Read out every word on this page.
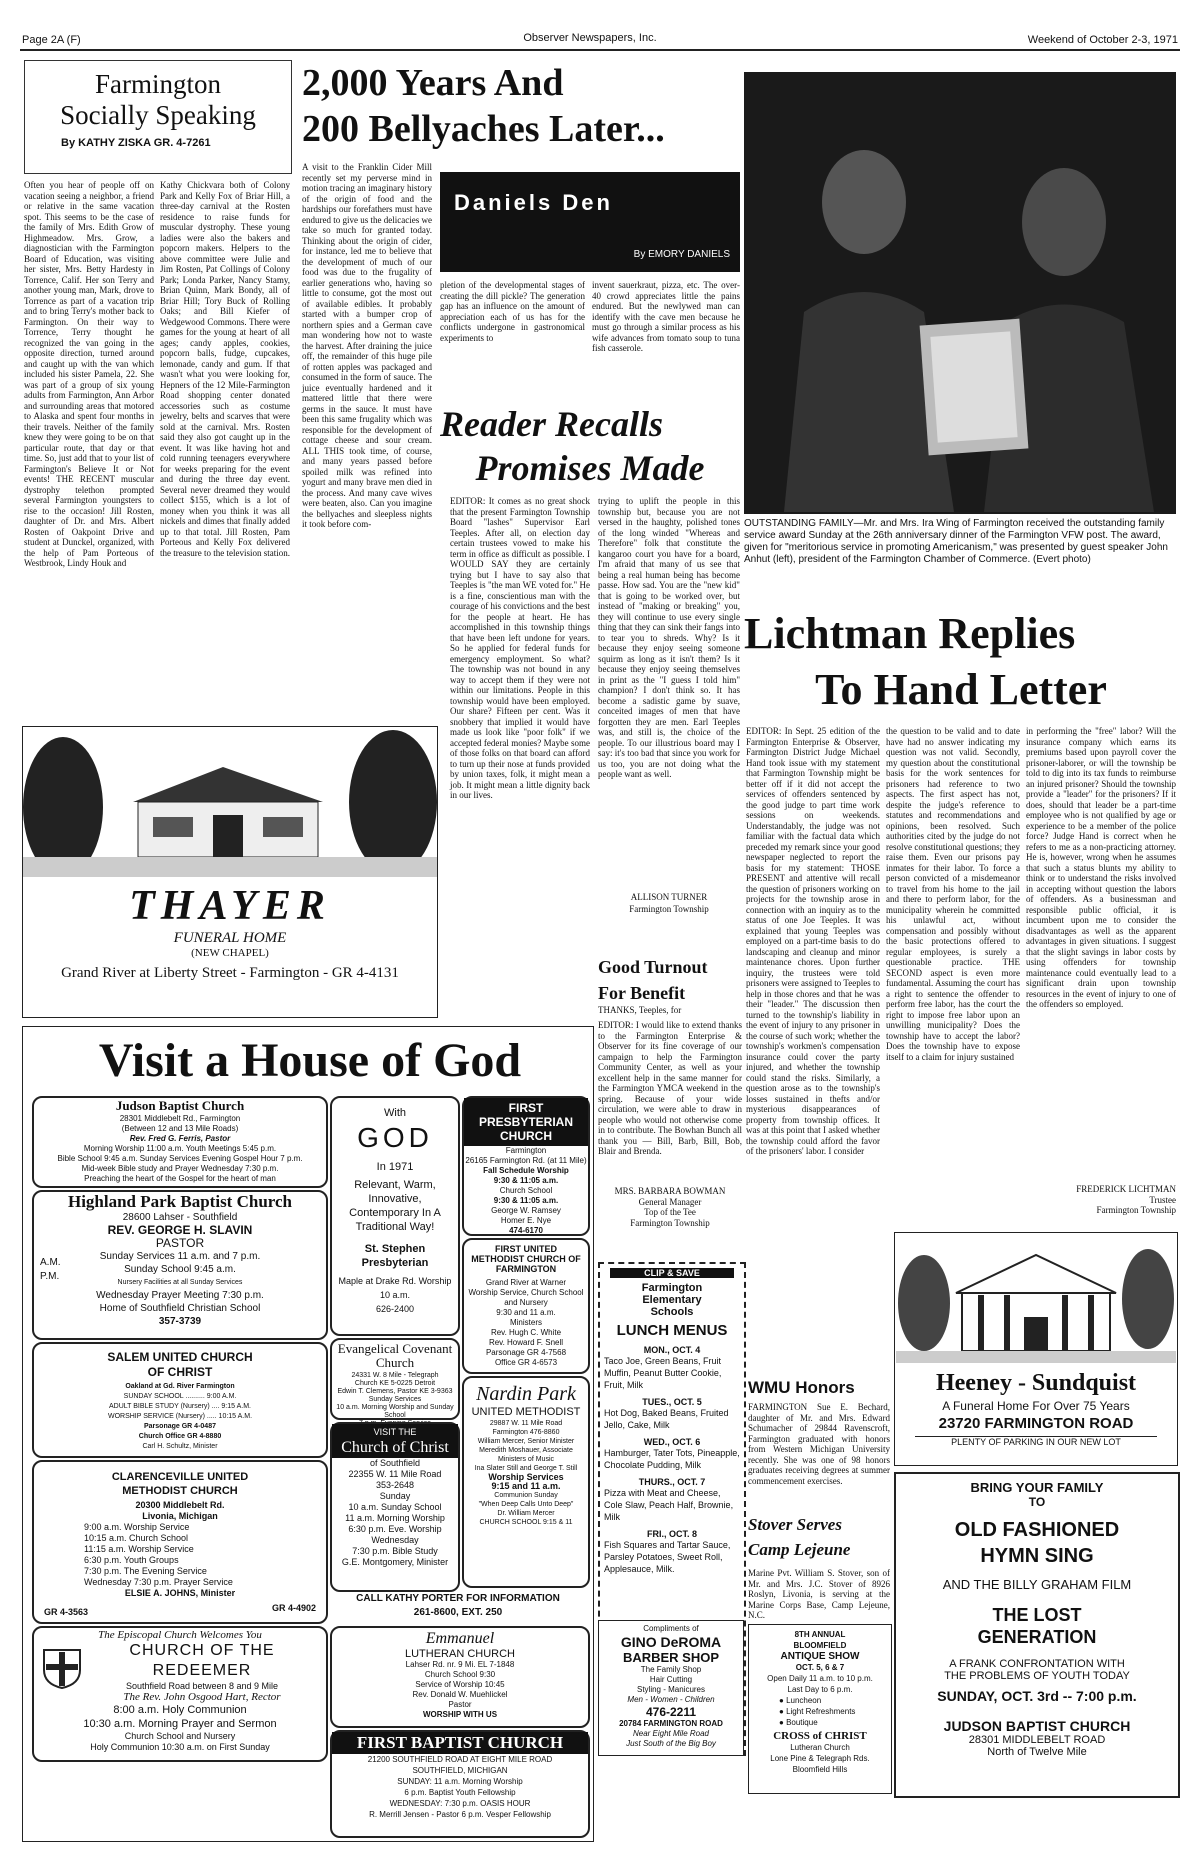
Page 2A (F)	Observer Newspapers, Inc.	Weekend of October 2-3, 1971
Farmington
Socially Speaking
By KATHY ZISKA GR. 4-7261
Often you hear of people off on vacation seeing a neighbor, a friend or relative in the same vacation spot. This seems to be the case of the family of Mrs. Edith Grow of Highmeadow. Mrs. Grow, a diagnostician with the Farmington Board of Education, was visiting her sister, Mrs. Betty Hardesty in Torrence, Calif. Her son Terry and another young man, Mark, drove to Torrence as part of a vacation trip and to bring Terry's mother back to Farmington. On their way to Torrence, Terry thought he recognized the van going in the opposite direction, turned around and caught up with the van which included his sister Pamela, 22. She was part of a group of six young adults from Farmington, Ann Arbor and surrounding areas that motored to Alaska and spent four months in their travels. Neither of the family knew they were going to be on that particular route, that day or that time. So, just add that to your list of Farmington's Believe It or Not events! THE RECENT muscular dystrophy telethon prompted several Farmington youngsters to rise to the occasion! Jill Rosten, daughter of Dr. and Mrs. Albert Rosten of Oakpoint Drive and student at Dunckel, organized, with the help of Pam Porteous of Westbrook, Lindy Houk and
Kathy Chickvara both of Colony Park and Kelly Fox of Briar Hill, a three-day carnival at the Rosten residence to raise funds for muscular dystrophy. These young ladies were also the bakers and popcorn makers. Helpers to the above committee were Julie and Jim Rosten, Pat Collings of Colony Park; Londa Parker, Nancy Stamy, Brian Quinn, Mark Bondy, all of Briar Hill; Tory Buck of Rolling Oaks; and Bill Kiefer of Wedgewood Commons. There were games for the young at heart of all ages; candy apples, cookies, popcorn balls, fudge, cupcakes, lemonade, candy and gum. If that wasn't what you were looking for, Hepners of the 12 Mile-Farmington Road shopping center donated accessories such as costume jewelry, belts and scarves that were sold at the carnival. Mrs. Rosten said they also got caught up in the event. It was like having hot and cold running teenagers everywhere for weeks preparing for the event and during the three day event. Several never dreamed they would collect $155, which is a lot of money when you think it was all nickels and dimes that finally added up to that total. Jill Rosten, Pam Porteous and Kelly Fox delivered the treasure to the television station.
2,000 Years And
200 Bellyaches Later...
A visit to the Franklin Cider Mill recently set my perverse mind in motion tracing an imaginary history of the origin of food and the hardships our forefathers must have endured to give us the delicacies we take so much for granted today. Thinking about the origin of cider, for instance, led me to believe that the development of much of our food was due to the frugality of earlier generations who, having so little to consume, got the most out of available edibles. It probably started with a bumper crop of northern spies and a German cave man wondering how not to waste the harvest. After draining the juice off, the remainder of this huge pile of rotten apples was packaged and consumed in the form of sauce. The juice eventually hardened and it mattered little that there were germs in the sauce. It must have been this same frugality which was responsible for the development of cottage cheese and sour cream. ALL THIS took time, of course, and many years passed before spoiled milk was refined into yogurt and many brave men died in the process. And many cave wives were beaten, also. Can you imagine the bellyaches and sleepless nights it took before com-
Daniels Den
By EMORY DANIELS
pletion of the developmental stages of creating the dill pickle? The generation gap has an influence on the amount of appreciation each of us has for the conflicts undergone in gastronomical experiments to
invent sauerkraut, pizza, etc. The over-40 crowd appreciates little the pains endured. But the newlywed man can identify with the cave men because he must go through a similar process as his wife advances from tomato soup to tuna fish casserole.
OUTSTANDING FAMILY—Mr. and Mrs. Ira Wing of Farmington received the outstanding family service award Sunday at the 26th anniversary dinner of the Farmington VFW post. The award, given for "meritorious service in promoting Americanism," was presented by guest speaker John Anhut (left), president of the Farmington Chamber of Commerce. (Evert photo)
Reader Recalls
Promises Made
EDITOR: It comes as no great shock that the present Farmington Township Board "lashes" Supervisor Earl Teeples. After all, on election day certain trustees vowed to make his term in office as difficult as possible. I WOULD SAY they are certainly trying but I have to say also that Teeples is "the man WE voted for." He is a fine, conscientious man with the courage of his convictions and the best for the people at heart. He has accomplished in this township things that have been left undone for years. So he applied for federal funds for emergency employment. So what? The township was not bound in any way to accept them if they were not within our limitations. People in this township would have been employed. Our share? Fifteen per cent. Was it snobbery that implied it would have made us look like "poor folk" if we accepted federal monies? Maybe some of those folks on that board can afford to turn up their nose at funds provided by union taxes, folk, it might mean a job. It might mean a little dignity back in our lives.
trying to uplift the people in this township but, because you are not versed in the haughty, polished tones of the long winded "Whereas and Therefore" folk that constitute the kangaroo court you have for a board, I'm afraid that many of us see that being a real human being has become passe. How sad. You are the "new kid" that is going to be worked over, but instead of "making or breaking" you, they will continue to use every single thing that they can sink their fangs into to tear you to shreds. Why? Is it because they enjoy seeing someone squirm as long as it isn't them? Is it because they enjoy seeing themselves in print as the "I guess I told him" champion? I don't think so. It has become a sadistic game by suave, conceited images of men that have forgotten they are men. Earl Teeples was, and still is, the choice of the people. To our illustrious board may I say: it's too bad that since you work for us too, you are not doing what the people want as well.
ALLISON TURNER
Farmington Township
THANKS, Teeples, for
Good Turnout
For Benefit
EDITOR: I would like to extend thanks to the Farmington Enterprise & Observer for its fine coverage of our campaign to help the Farmington Community Center, as well as your excellent help in the same manner for the Farmington YMCA weekend in the spring. Because of your wide circulation, we were able to draw in people who would not otherwise come in to contribute. The Bowhan Bunch all thank you — Bill, Barb, Bill, Bob, Blair and Brenda.
MRS. BARBARA BOWMAN
General Manager
Top of the Tee
Farmington Township
Lichtman Replies
To Hand Letter
EDITOR: In Sept. 25 edition of the Farmington Enterprise & Observer, Farmington District Judge Michael Hand took issue with my statement that Farmington Township might be better off if it did not accept the services of offenders sentenced by the good judge to part time work sessions on weekends. Understandably, the judge was not familiar with the factual data which preceded my remark since your good newspaper neglected to report the basis for my statement: THOSE PRESENT and attentive will recall the question of prisoners working on projects for the township arose in connection with an inquiry as to the status of one Joe Teeples. It was explained that young Teeples was employed on a part-time basis to do landscaping and cleanup and minor maintenance chores. Upon further inquiry, the trustees were told prisoners were assigned to Teeples to help in those chores and that he was their "leader." The discussion then turned to the township's liability in the event of injury to any prisoner in the course of such work; whether the township's workmen's compensation insurance could cover the party injured, and whether the township could stand the risks. Similarly, a question arose as to the township's losses sustained in thefts and/or mysterious disappearances of property from township offices. It was at this point that I asked whether the township could afford the favor of the prisoners' labor. I consider
the question to be valid and to date have had no answer indicating my question was not valid. Secondly, my question about the constitutional basis for the work sentences for prisoners had reference to two aspects. The first aspect has not, despite the judge's reference to statutes and recommendations and opinions, been resolved. Such authorities cited by the judge do not resolve constitutional questions; they raise them. Even our prisons pay inmates for their labor. To force a person convicted of a misdemeanor to travel from his home to the jail and there to perform labor, for the municipality wherein he committed his unlawful act, without compensation and possibly without the basic protections offered to regular employees, is surely a questionable practice. THE SECOND aspect is even more fundamental. Assuming the court has a right to sentence the offender to perform free labor, has the court the right to impose free labor upon an unwilling municipality? Does the township have to accept the labor? Does the township have to expose itself to a claim for injury sustained
in performing the "free" labor? Will the insurance company which earns its premiums based upon payroll cover the prisoner-laborer, or will the township be told to dig into its tax funds to reimburse an injured prisoner? Should the township provide a "leader" for the prisoners? If it does, should that leader be a part-time employee who is not qualified by age or experience to be a member of the police force? Judge Hand is correct when he refers to me as a non-practicing attorney. He is, however, wrong when he assumes that such a status blunts my ability to think or to understand the risks involved in accepting without question the labors of offenders. As a businessman and responsible public official, it is incumbent upon me to consider the disadvantages as well as the apparent advantages in given situations. I suggest that the slight savings in labor costs by using offenders for township maintenance could eventually lead to a significant drain upon township resources in the event of injury to one of the offenders so employed.
FREDERICK LICHTMAN
Trustee
Farmington Township
THAYER
FUNERAL HOME
(NEW CHAPEL)
Grand River at Liberty Street - Farmington - GR 4-4131
Visit a House of God
Judson Baptist Church
28301 Middlebelt Rd., Farmington
(Between 12 and 13 Mile Roads)
Rev. Fred G. Ferris, Pastor
Morning Worship 11:00 a.m. Youth Meetings 5:45 p.m.
Bible School 9:45 a.m. Sunday Services Evening Gospel Hour 7 p.m.
Mid-week Bible study and Prayer Wednesday 7:30 p.m.
Preaching the heart of the Gospel for the heart of man
With
GOD
In 1971
Relevant, Warm, Innovative, Contemporary In A Traditional Way!
St. Stephen Presbyterian
Maple at Drake Rd. Worship 10 a.m.
626-2400
FIRST PRESBYTERIAN CHURCH
Farmington
26165 Farmington Rd. (at 11 Mile)
Fall Schedule Worship
9:30 & 11:05 a.m.
Church School
9:30 & 11:05 a.m.
George W. Ramsey
Homer E. Nye
474-6170
Highland Park Baptist Church
28600 Lahser - Southfield
REV. GEORGE H. SLAVIN
PASTOR
Sunday Services 11 a.m. and 7 p.m.
Sunday School 9:45 a.m.
Nursery Facilities at all Sunday Services
Wednesday Prayer Meeting 7:30 p.m.
Home of Southfield Christian School
357-3739
A.M.
P.M.
FIRST UNITED METHODIST CHURCH OF FARMINGTON
Grand River at Warner
Worship Service, Church School and Nursery
9:30 and 11 a.m.
Ministers
Rev. Hugh C. White
Rev. Howard F. Snell
Parsonage GR 4-7568
Office GR 4-6573
Evangelical Covenant Church
24331 W. 8 Mile - Telegraph
Church KE 5-0225 Detroit
Edwin T. Clemens, Pastor KE 3-9363
Sunday Services
10 a.m. Morning Worship and Sunday School
SALEM UNITED CHURCH OF CHRIST
Oakland at Gd. River Farmington
SUNDAY SCHOOL .......... 9:00 A.M.
ADULT BIBLE STUDY (Nursery) .... 9:15 A.M.
WORSHIP SERVICE (Nursery) ..... 10:15 A.M.
Parsonage GR 4-0487
Church Office GR 4-8880
Carl H. Schultz, Minister
VISIT THE
Church of Christ
of Southfield
22355 W. 11 Mile Road
353-2648
Sunday
10 a.m. Sunday School
11 a.m. Morning Worship
6:30 p.m. Eve. Worship
Wednesday
7:30 p.m. Bible Study
G.E. Montgomery, Minister
Nardin Park
UNITED METHODIST
29887 W. 11 Mile Road
Farmington 476-8860
William Mercer, Senior Minister
Meredith Moshauer, Associate
Ministers of Music
Ina Slater Still and George T. Still
Worship Services
9:15 and 11 a.m.
Communion Sunday
"When Deep Calls Unto Deep"
Dr. William Mercer
CHURCH SCHOOL 9:15 & 11
CLARENCEVILLE UNITED METHODIST CHURCH
20300 Middlebelt Rd.
Livonia, Michigan
9:00 a.m. Worship Service
10:15 a.m. Church School
11:15 a.m. Worship Service
6:30 p.m. Youth Groups
7:30 p.m. The Evening Service
Wednesday 7:30 p.m. Prayer Service
ELSIE A. JOHNS, Minister
GR 4-3563	GR 4-4902
CALL KATHY PORTER FOR INFORMATION
261-8600, EXT. 250
The Episcopal Church Welcomes You
CHURCH OF THE REDEEMER
Southfield Road between 8 and 9 Mile
The Rev. John Osgood Hart, Rector
8:00 a.m. Holy Communion
10:30 a.m. Morning Prayer and Sermon
Church School and Nursery
Holy Communion 10:30 a.m. on First Sunday
Emmanuel
LUTHERAN CHURCH
Lahser Rd. nr. 9 Mi. EL 7-1848
Church School 9:30
Service of Worship 10:45
Rev. Donald W. Muehlickel
Pastor
WORSHIP WITH US
FIRST BAPTIST CHURCH
21200 SOUTHFIELD ROAD AT EIGHT MILE ROAD
SOUTHFIELD, MICHIGAN
SUNDAY: 11 a.m. Morning Worship
6 p.m. Baptist Youth Fellowship
WEDNESDAY: 7:30 p.m. OASIS HOUR
R. Merrill Jensen - Pastor 6 p.m. Vesper Fellowship
CLIP & SAVE
Farmington
Elementary
Schools
LUNCH MENUS
MON., OCT. 4
Taco Joe, Green Beans, Fruit Muffin, Peanut Butter Cookie, Fruit, Milk
TUES., OCT. 5
Hot Dog, Baked Beans, Fruited Jello, Cake, Milk
WED., OCT. 6
Hamburger, Tater Tots, Pineapple, Chocolate Pudding, Milk
THURS., OCT. 7
Pizza with Meat and Cheese, Cole Slaw, Peach Half, Brownie, Milk
FRI., OCT. 8
Fish Squares and Tartar Sauce, Parsley Potatoes, Sweet Roll, Applesauce, Milk.
Compliments of
GINO DeROMA
BARBER SHOP
The Family Shop
Hair Cutting
Styling - Manicures
Men - Women - Children
476-2211
20784 FARMINGTON ROAD
Near Eight Mile Road
Just South of the Big Boy
WMU Honors
FARMINGTON Sue E. Bechard, daughter of Mr. and Mrs. Edward Schumacher of 29844 Ravenscroft, Farmington graduated with honors from Western Michigan University recently. She was one of 98 honors graduates receiving degrees at summer commencement exercises.
Stover Serves
Camp Lejeune
Marine Pvt. William S. Stover, son of Mr. and Mrs. J.C. Stover of 8926 Roslyn, Livonia, is serving at the Marine Corps Base, Camp Lejeune, N.C.
8TH ANNUAL
BLOOMFIELD
ANTIQUE SHOW
OCT. 5, 6 & 7
Open Daily 11 a.m. to 10 p.m.
Last Day to 6 p.m.
● Luncheon
● Light Refreshments
● Boutique
CROSS of CHRIST
Lutheran Church
Lone Pine & Telegraph Rds.
Bloomfield Hills
Heeney - Sundquist
A Funeral Home For Over 75 Years
23720 FARMINGTON ROAD
PLENTY OF PARKING IN OUR NEW LOT
BRING YOUR FAMILY
TO
OLD FASHIONED
HYMN SING
AND THE BILLY GRAHAM FILM
THE LOST
GENERATION
A FRANK CONFRONTATION WITH
THE PROBLEMS OF YOUTH TODAY
SUNDAY, OCT. 3rd -- 7:00 p.m.
JUDSON BAPTIST CHURCH
28301 MIDDLEBELT ROAD
North of Twelve Mile
